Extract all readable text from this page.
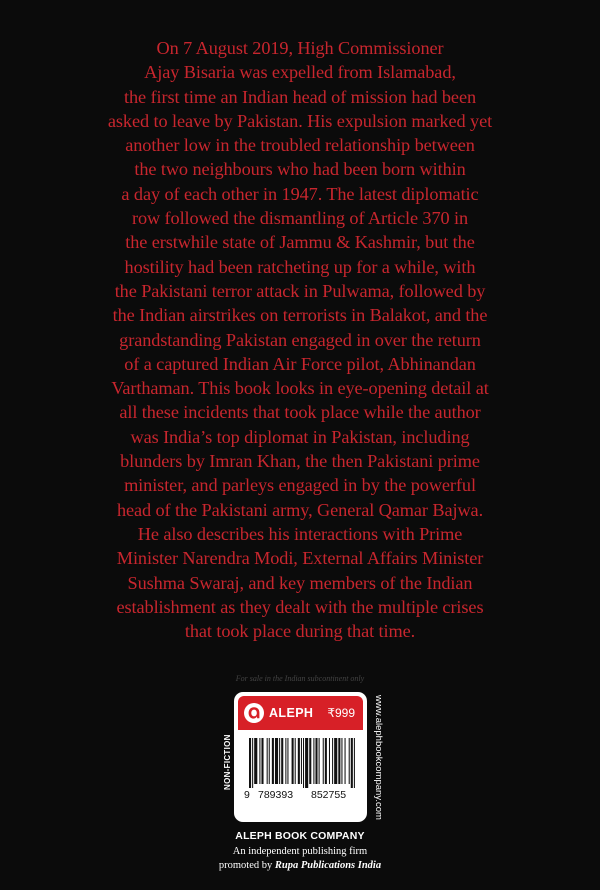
On 7 August 2019, High Commissioner
Ajay Bisaria was expelled from Islamabad,
the first time an Indian head of mission had been
asked to leave by Pakistan. His expulsion marked yet
another low in the troubled relationship between
the two neighbours who had been born within
a day of each other in 1947. The latest diplomatic
row followed the dismantling of Article 370 in
the erstwhile state of Jammu & Kashmir, but the
hostility had been ratcheting up for a while, with
the Pakistani terror attack in Pulwama, followed by
the Indian airstrikes on terrorists in Balakot, and the
grandstanding Pakistan engaged in over the return
of a captured Indian Air Force pilot, Abhinandan
Varthaman. This book looks in eye-opening detail at
all these incidents that took place while the author
was India’s top diplomat in Pakistan, including
blunders by Imran Khan, the then Pakistani prime
minister, and parleys engaged in by the powerful
head of the Pakistani army, General Qamar Bajwa.
He also describes his interactions with Prime
Minister Narendra Modi, External Affairs Minister
Sushma Swaraj, and key members of the Indian
establishment as they dealt with the multiple crises
that took place during that time.

For sale in the Indian subcontinent only
NON-FICTION
ALEPH ₹999
9 789393 852755	www.alephbookcompany.com
ALEPH BOOK COMPANY
An independent publishing firm
promoted by Rupa Publications India
